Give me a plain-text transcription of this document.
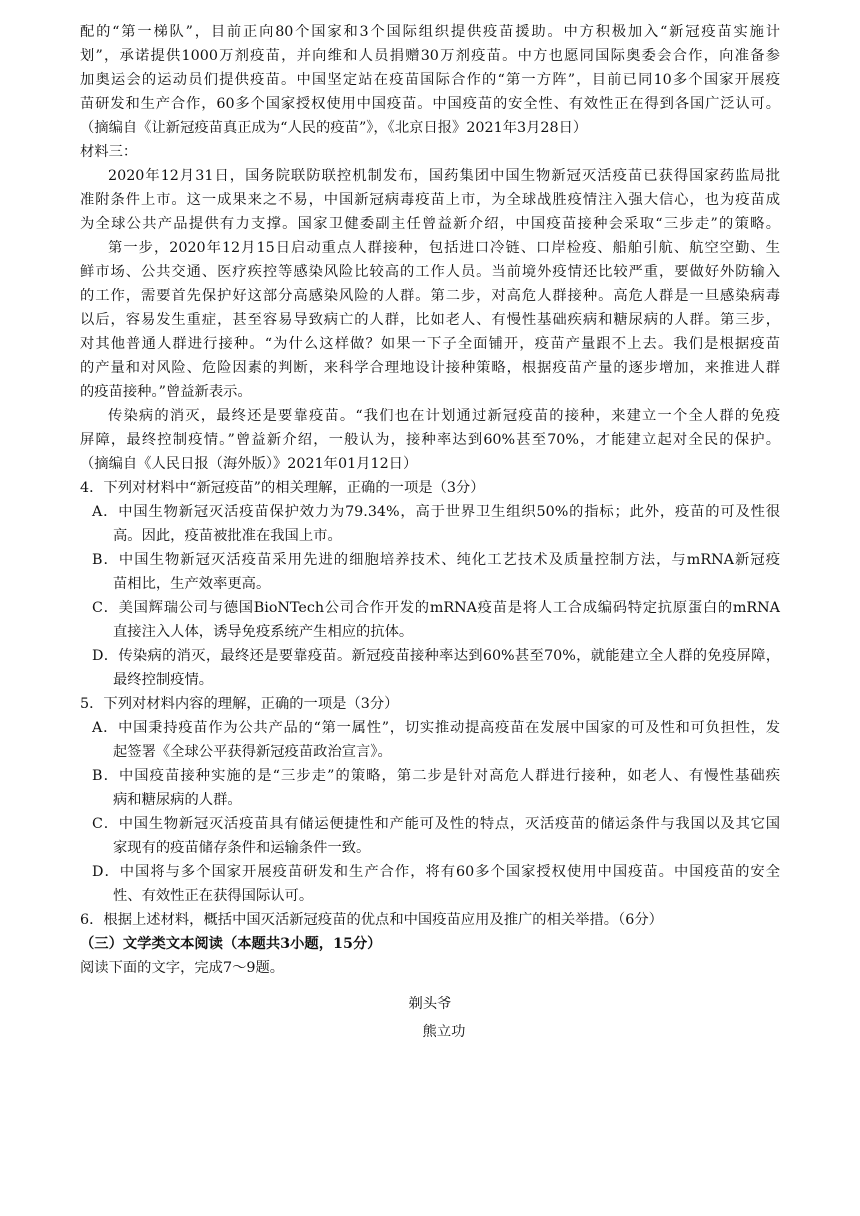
配的“第一梯队”，目前正向80个国家和3个国际组织提供疫苗援助。中方积极加入“新冠疫苗实施计
划”，承诺提供1000万剂疫苗，并向维和人员捐赠30万剂疫苗。中方也愿同国际奥委会合作，向准备参
加奥运会的运动员们提供疫苗。中国坚定站在疫苗国际合作的“第一方阵”，目前已同10多个国家开展疫
苗研发和生产合作，60多个国家授权使用中国疫苗。中国疫苗的安全性、有效性正在得到各国广泛认可。
（摘编自《让新冠疫苗真正成为“人民的疫苗”》，《北京日报》2021年3月28日）
材料三：
2020年12月31日，国务院联防联控机制发布，国药集团中国生物新冠灭活疫苗已获得国家药监局批
准附条件上市。这一成果来之不易，中国新冠病毒疫苗上市，为全球战胜疫情注入强大信心，也为疫苗成
为全球公共产品提供有力支撑。国家卫健委副主任曾益新介绍，中国疫苗接种会采取“三步走”的策略。
第一步，2020年12月15日启动重点人群接种，包括进口冷链、口岸检疫、船舶引航、航空空勤、生
鲜市场、公共交通、医疗疾控等感染风险比较高的工作人员。当前境外疫情还比较严重，要做好外防输入
的工作，需要首先保护好这部分高感染风险的人群。第二步，对高危人群接种。高危人群是一旦感染病毒
以后，容易发生重症，甚至容易导致病亡的人群，比如老人、有慢性基础疾病和糖尿病的人群。第三步，
对其他普通人群进行接种。“为什么这样做？如果一下子全面铺开，疫苗产量跟不上去。我们是根据疫苗
的产量和对风险、危险因素的判断，来科学合理地设计接种策略，根据疫苗产量的逐步增加，来推进人群
的疫苗接种。”曾益新表示。
传染病的消灭，最终还是要靠疫苗。“我们也在计划通过新冠疫苗的接种，来建立一个全人群的免疫
屏障，最终控制疫情。”曾益新介绍，一般认为，接种率达到60%甚至70%，才能建立起对全民的保护。
（摘编自《人民日报（海外版）》2021年01月12日）
4．下列对材料中“新冠疫苗”的相关理解，正确的一项是（3分）
A．中国生物新冠灭活疫苗保护效力为79.34%，高于世界卫生组织50%的指标；此外，疫苗的可及性很
高。因此，疫苗被批准在我国上市。
B．中国生物新冠灭活疫苗采用先进的细胞培养技术、纯化工艺技术及质量控制方法，与mRNA新冠疫
苗相比，生产效率更高。
C．美国辉瑞公司与德国BioNTech公司合作开发的mRNA疫苗是将人工合成编码特定抗原蛋白的mRNA
直接注入人体，诱导免疫系统产生相应的抗体。
D．传染病的消灭，最终还是要靠疫苗。新冠疫苗接种率达到60%甚至70%，就能建立全人群的免疫屏障，
最终控制疫情。
5．下列对材料内容的理解，正确的一项是（3分）
A．中国秉持疫苗作为公共产品的“第一属性”，切实推动提高疫苗在发展中国家的可及性和可负担性，发
起签署《全球公平获得新冠疫苗政治宣言》。
B．中国疫苗接种实施的是“三步走”的策略，第二步是针对高危人群进行接种，如老人、有慢性基础疾
病和糖尿病的人群。
C．中国生物新冠灭活疫苗具有储运便捷性和产能可及性的特点，灭活疫苗的储运条件与我国以及其它国
家现有的疫苗储存条件和运输条件一致。
D．中国将与多个国家开展疫苗研发和生产合作，将有60多个国家授权使用中国疫苗。中国疫苗的安全
性、有效性正在获得国际认可。
6．根据上述材料，概括中国灭活新冠疫苗的优点和中国疫苗应用及推广的相关举措。（6分）
（三）文学类文本阅读（本题共3小题，15分）
阅读下面的文字，完成7～9题。
剃头爷
熊立功
